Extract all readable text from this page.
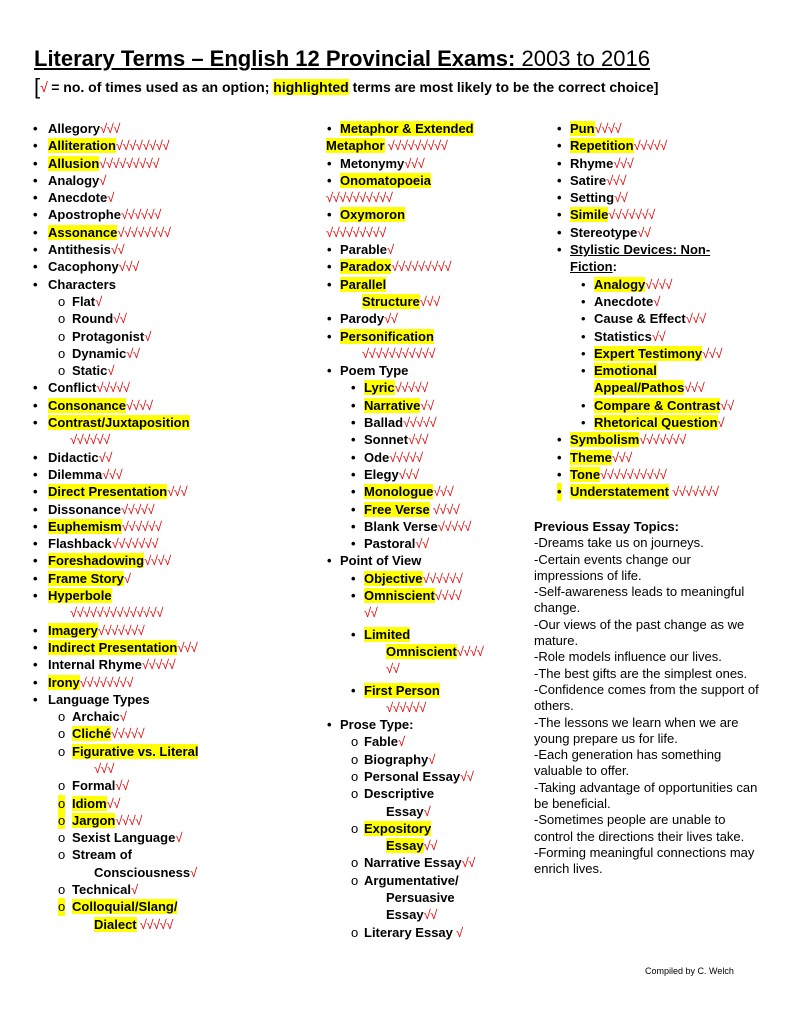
Literary Terms – English 12 Provincial Exams: 2003 to 2016
[√ = no. of times used as an option; highlighted terms are most likely to be the correct choice]
• Allegory√√√
• Alliteration√√√√√√√√
• Allusion√√√√√√√√√
• Analogy√
• Anecdote√
• Apostrophe√√√√√√
• Assonance√√√√√√√√
• Antithesis√√
• Cacophony√√√
• Characters
o Flat√
o Round√√
o Protagonist√
o Dynamic√√
o Static√
• Conflict√√√√√
• Consonance√√√√
• Contrast/Juxtaposition
√√√√√√
• Didactic√√
• Dilemma√√√
• Direct Presentation√√√
• Dissonance√√√√√
• Euphemism√√√√√√
• Flashback√√√√√√√
• Foreshadowing√√√√
• Frame Story√
• Hyperbole
√√√√√√√√√√√√√√
• Imagery√√√√√√√
• Indirect Presentation√√√
• Internal Rhyme√√√√√
• Irony√√√√√√√√
• Language Types
o Archaic√
o Cliché√√√√√
o Figurative vs. Literal
√√√
o Formal√√
o Idiom√√
o Jargon√√√√
o Sexist Language√
o Stream of
Consciousness√
o Technical√
o Colloquial/Slang/
Dialect √√√√√
• Metaphor & Extended
Metaphor √√√√√√√√√
• Metonymy√√√
• Onomatopoeia
√√√√√√√√√√
• Oxymoron
√√√√√√√√√
• Parable√
• Paradox√√√√√√√√√
• Parallel
Structure√√√
• Parody√√
• Personification
√√√√√√√√√√√
• Poem Type
• Lyric√√√√√
• Narrative√√
• Ballad√√√√√
• Sonnet√√√
• Ode√√√√√
• Elegy√√√
• Monologue√√√
• Free Verse √√√√
• Blank Verse√√√√√
• Pastoral√√
• Point of View
• Objective√√√√√√
• Omniscient√√√√
√√
• Limited
Omniscient√√√√
√√
• First Person
√√√√√√
• Prose Type:
o Fable√
o Biography√
o Personal Essay√√
o Descriptive
Essay√
o Expository
Essay√√
o Narrative Essay√√
o Argumentative/
Persuasive
Essay√√
o Literary Essay √
• Pun√√√√
• Repetition√√√√√
• Rhyme√√√
• Satire√√√
• Setting√√
• Simile√√√√√√√
• Stereotype√√
• Stylistic Devices: Non-
Fiction:
• Analogy√√√√
• Anecdote√
• Cause & Effect√√√
• Statistics√√
• Expert Testimony√√√
• Emotional
Appeal/Pathos√√√
• Compare & Contrast√√
• Rhetorical Question√
• Symbolism√√√√√√√
• Theme√√√
• Tone√√√√√√√√√√
• Understatement √√√√√√√
Previous Essay Topics:
-Dreams take us on journeys.
-Certain events change our impressions of life.
-Self-awareness leads to meaningful change.
-Our views of the past change as we mature.
-Role models influence our lives.
-The best gifts are the simplest ones.
-Confidence comes from the support of others.
-The lessons we learn when we are young prepare us for life.
-Each generation has something valuable to offer.
-Taking advantage of opportunities can be beneficial.
-Sometimes people are unable to control the directions their lives take.
-Forming meaningful connections may enrich lives.
Compiled by C. Welch
